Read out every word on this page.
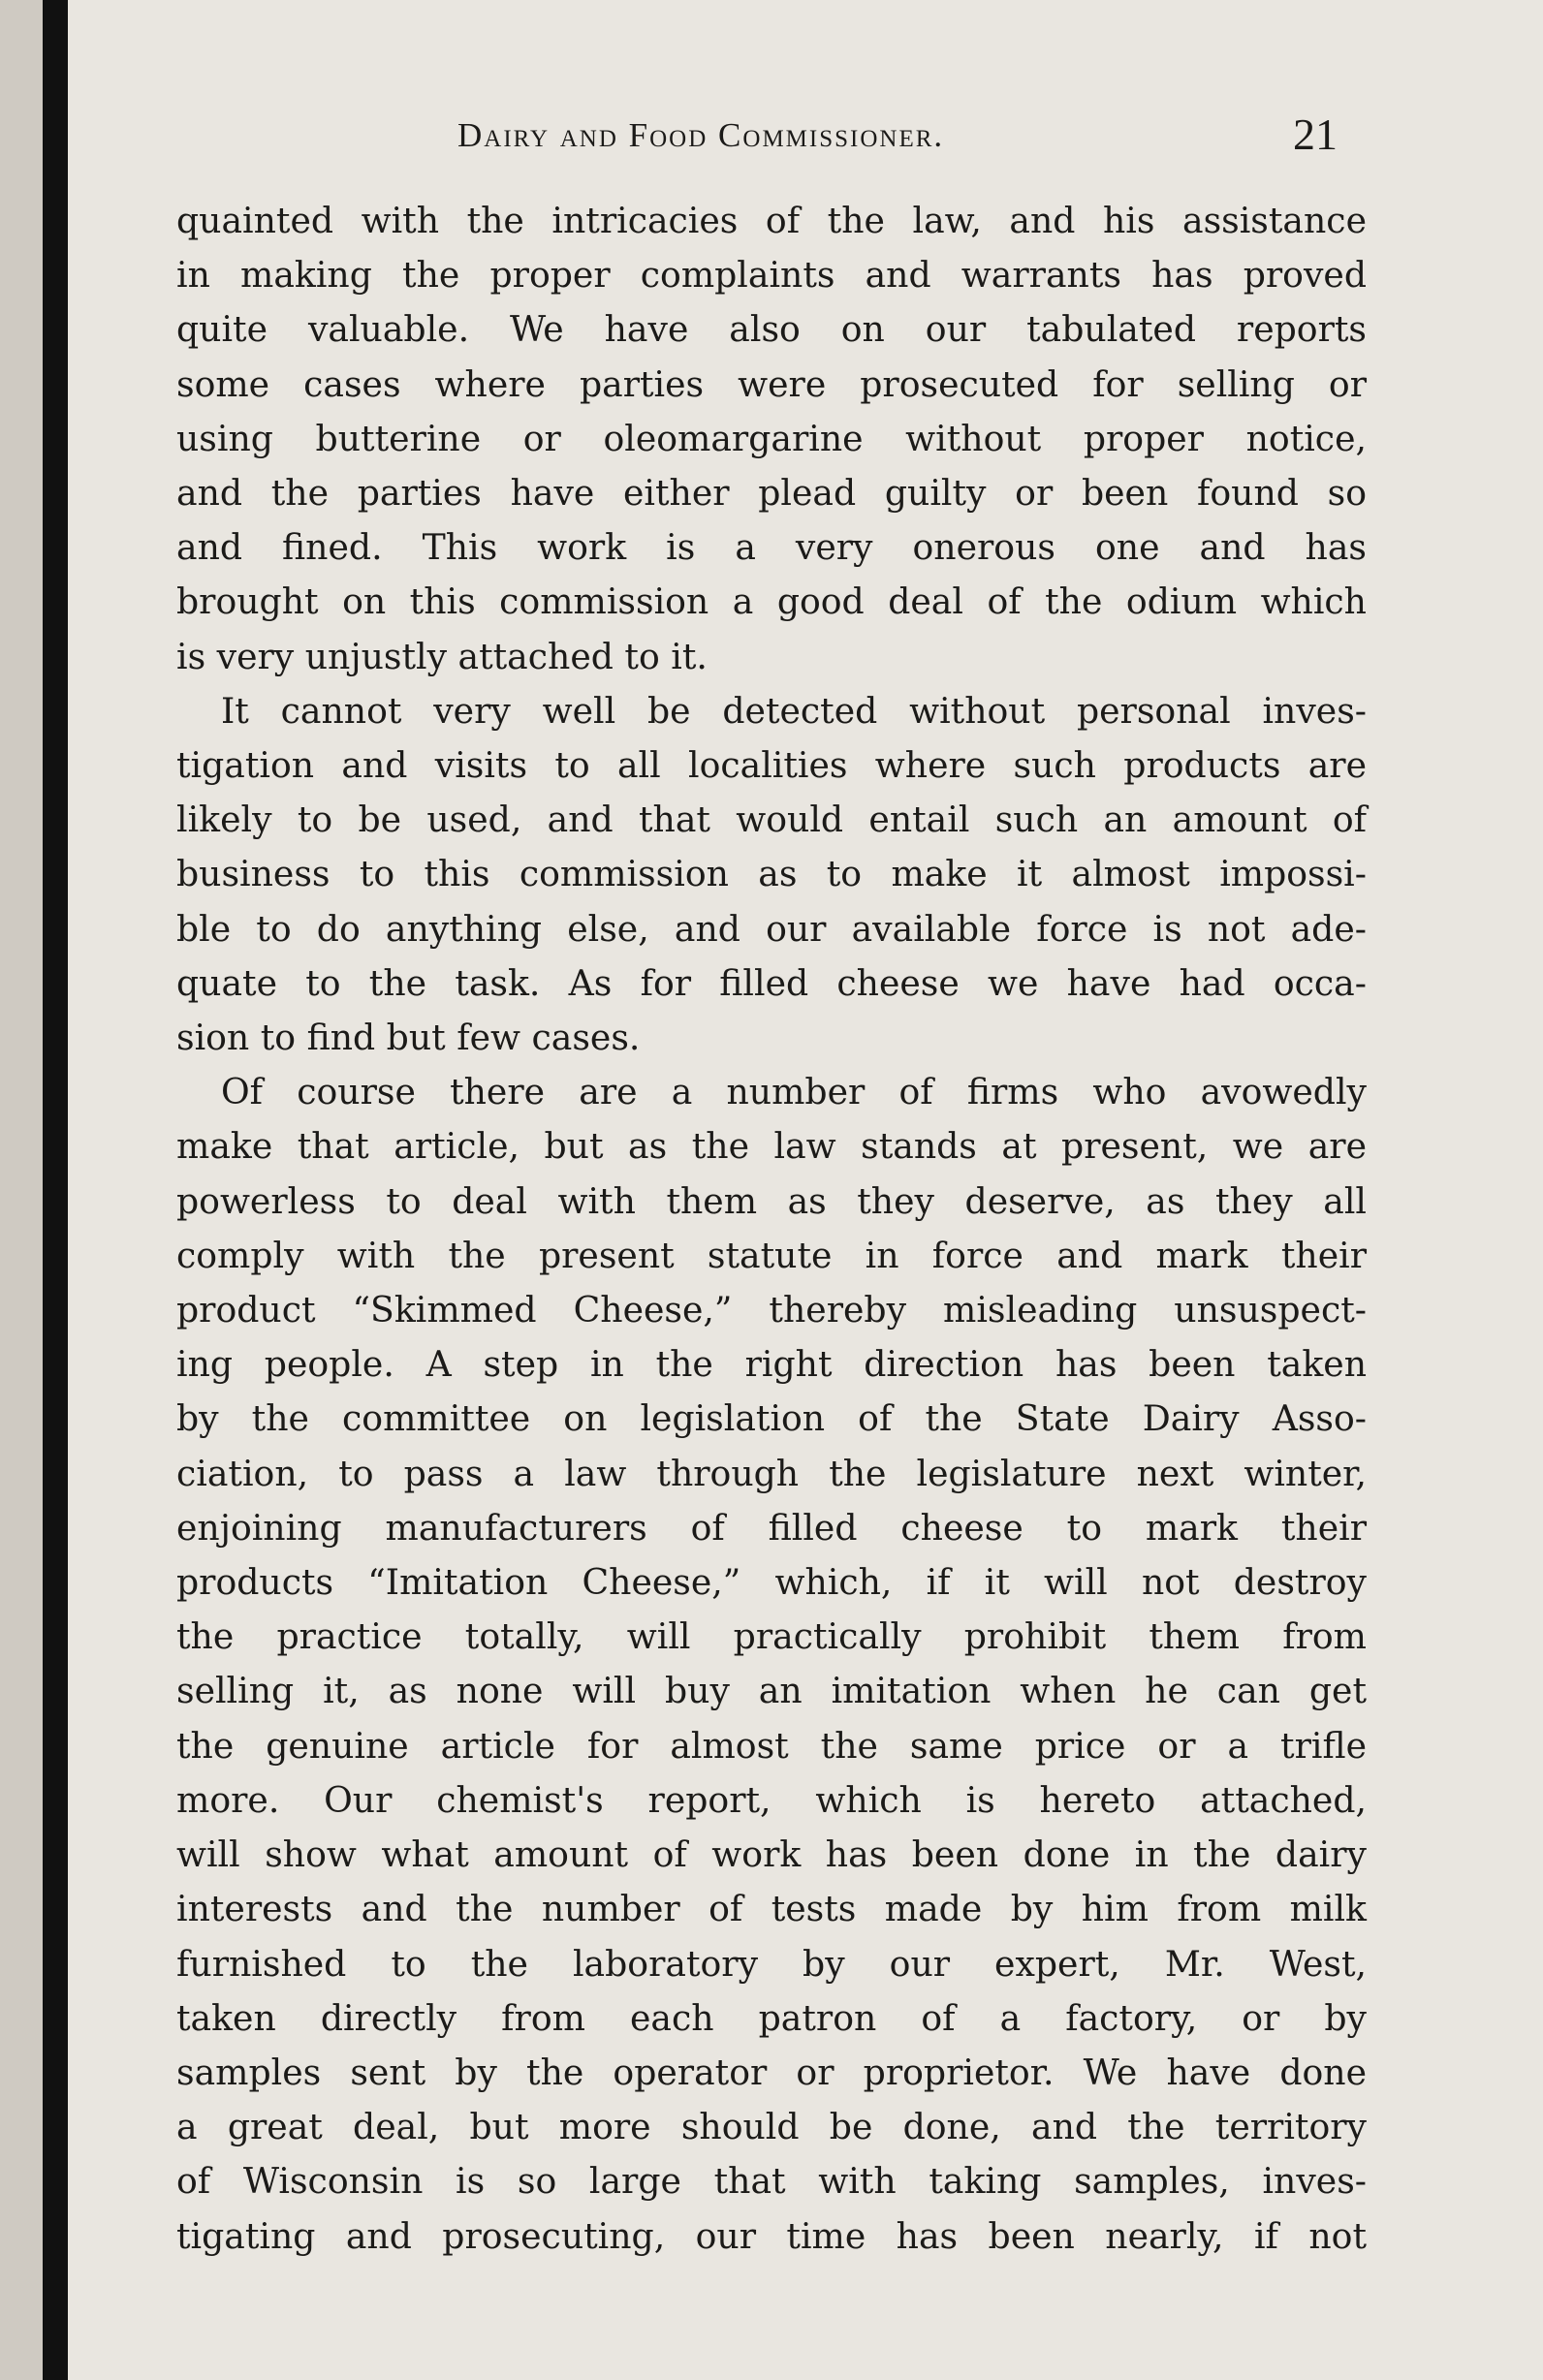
Dairy and Food Commissioner.	21

quainted with the intricacies of the law, and his assistance
in making the proper complaints and warrants has proved
quite valuable. We have also on our tabulated reports
some cases where parties were prosecuted for selling or
using butterine or oleomargarine without proper notice,
and the parties have either plead guilty or been found so
and fined. This work is a very onerous one and has
brought on this commission a good deal of the odium which
is very unjustly attached to it.

It cannot very well be detected without personal inves-
tigation and visits to all localities where such products are
likely to be used, and that would entail such an amount of
business to this commission as to make it almost impossi-
ble to do anything else, and our available force is not ade-
quate to the task. As for filled cheese we have had occa-
sion to find but few cases.

Of course there are a number of firms who avowedly
make that article, but as the law stands at present, we are
powerless to deal with them as they deserve, as they all
comply with the present statute in force and mark their
product “Skimmed Cheese,” thereby misleading unsuspect-
ing people. A step in the right direction has been taken
by the committee on legislation of the State Dairy Asso-
ciation, to pass a law through the legislature next winter,
enjoining manufacturers of filled cheese to mark their
products “Imitation Cheese,” which, if it will not destroy
the practice totally, will practically prohibit them from
selling it, as none will buy an imitation when he can get
the genuine article for almost the same price or a trifle
more. Our chemist's report, which is hereto attached,
will show what amount of work has been done in the dairy
interests and the number of tests made by him from milk
furnished to the laboratory by our expert, Mr. West,
taken directly from each patron of a factory, or by
samples sent by the operator or proprietor. We have done
a great deal, but more should be done, and the territory
of Wisconsin is so large that with taking samples, inves-
tigating and prosecuting, our time has been nearly, if not
